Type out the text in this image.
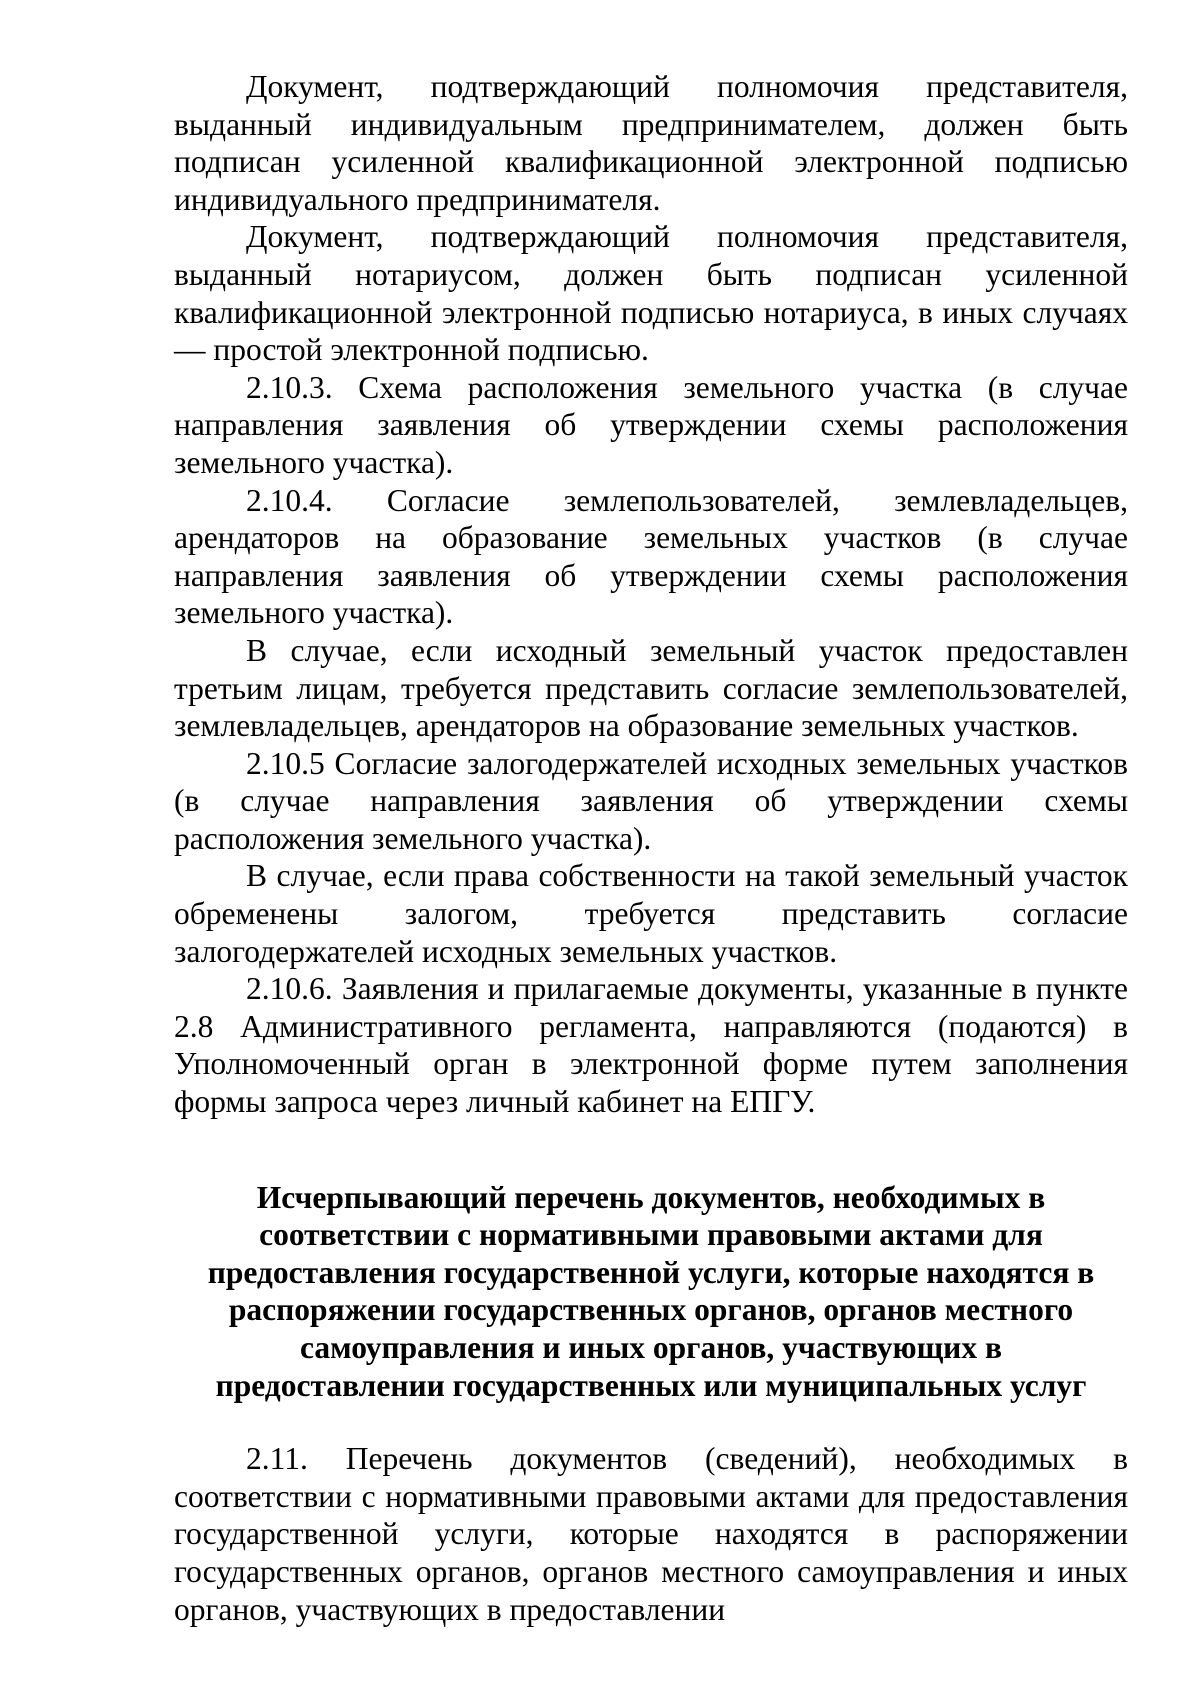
Документ, подтверждающий полномочия представителя, выданный индивидуальным предпринимателем, должен быть подписан усиленной квалификационной электронной подписью индивидуального предпринимателя.

Документ, подтверждающий полномочия представителя, выданный нотариусом, должен быть подписан усиленной квалификационной электронной подписью нотариуса, в иных случаях — простой электронной подписью.

2.10.3. Схема расположения земельного участка (в случае направления заявления об утверждении схемы расположения земельного участка).

2.10.4. Согласие землепользователей, землевладельцев, арендаторов на образование земельных участков (в случае направления заявления об утверждении схемы расположения земельного участка).

В случае, если исходный земельный участок предоставлен третьим лицам, требуется представить согласие землепользователей, землевладельцев, арендаторов на образование земельных участков.

2.10.5 Согласие залогодержателей исходных земельных участков (в случае направления заявления об утверждении схемы расположения земельного участка).

В случае, если права собственности на такой земельный участок обременены залогом, требуется представить согласие залогодержателей исходных земельных участков.

2.10.6. Заявления и прилагаемые документы, указанные в пункте 2.8 Административного регламента, направляются (подаются) в Уполномоченный орган в электронной форме путем заполнения формы запроса через личный кабинет на ЕПГУ.

Исчерпывающий перечень документов, необходимых в соответствии с нормативными правовыми актами для предоставления государственной услуги, которые находятся в распоряжении государственных органов, органов местного самоуправления и иных органов, участвующих в предоставлении государственных или муниципальных услуг

2.11. Перечень документов (сведений), необходимых в соответствии с нормативными правовыми актами для предоставления государственной услуги, которые находятся в распоряжении государственных органов, органов местного самоуправления и иных органов, участвующих в предоставлении
